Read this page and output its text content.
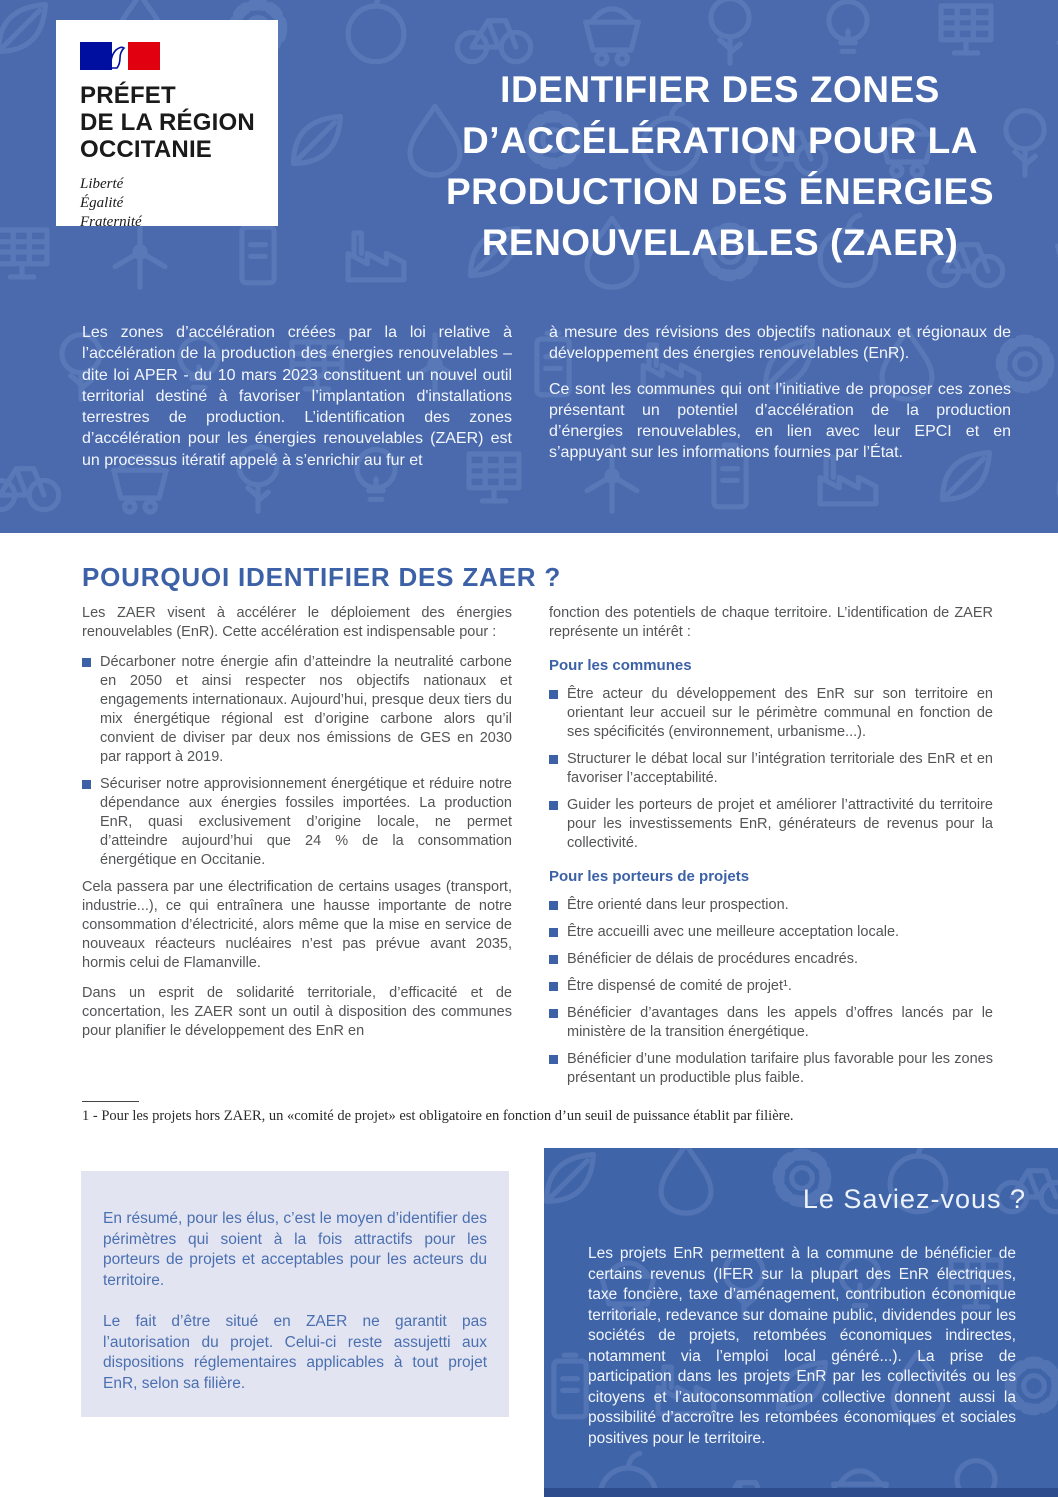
PRÉFET
DE LA RÉGION
OCCITANIE
Liberté
Égalité
Fraternité
IDENTIFIER DES ZONES
D’ACCÉLÉRATION POUR LA
PRODUCTION DES ÉNERGIES
RENOUVELABLES (ZAER)

Les zones d’accélération créées par la loi relative à l’accélération de la production des énergies renouvelables – dite loi APER - du 10 mars 2023 constituent un nouvel outil territorial destiné à favoriser l’implantation d'installations terrestres de production. L’identification des zones d’accélération pour les énergies renouvelables (ZAER) est un processus itératif appelé à s’enrichir au fur et

à mesure des révisions des objectifs nationaux et régionaux de développement des énergies renouvelables (EnR).

Ce sont les communes qui ont l’initiative de proposer ces zones présentant un potentiel d’accélération de la production d’énergies renouvelables, en lien avec leur EPCI et en s’appuyant sur les informations fournies par l’État.

POURQUOI IDENTIFIER DES ZAER ?

Les ZAER visent à accélérer le déploiement des énergies renouvelables (EnR). Cette accélération est indispensable pour :

Décarboner notre énergie afin d’atteindre la neutralité carbone en 2050 et ainsi respecter nos objectifs nationaux et engagements internationaux. Aujourd’hui, presque deux tiers du mix énergétique régional est d’origine carbone alors qu’il convient de diviser par deux nos émissions de GES en 2030 par rapport à 2019.
Sécuriser notre approvisionnement énergétique et réduire notre dépendance aux énergies fossiles importées. La production EnR, quasi exclusivement d’origine locale, ne permet d’atteindre aujourd’hui que 24 % de la consommation énergétique en Occitanie.

Cela passera par une électrification de certains usages (transport, industrie...), ce qui entraînera une hausse importante de notre consommation d’électricité, alors même que la mise en service de nouveaux réacteurs nucléaires n’est pas prévue avant 2035, hormis celui de Flamanville.

Dans un esprit de solidarité territoriale, d’efficacité et de concertation, les ZAER sont un outil à disposition des communes pour planifier le développement des EnR en

fonction des potentiels de chaque territoire. L’identification de ZAER représente un intérêt :

Pour les communes
Être acteur du développement des EnR sur son territoire en orientant leur accueil sur le périmètre communal en fonction de ses spécificités (environnement, urbanisme...).
Structurer le débat local sur l’intégration territoriale des EnR et en favoriser l’acceptabilité.
Guider les porteurs de projet et améliorer l’attractivité du territoire pour les investissements EnR, générateurs de revenus pour la collectivité.
Pour les porteurs de projets
Être orienté dans leur prospection.
Être accueilli avec une meilleure acceptation locale.
Bénéficier de délais de procédures encadrés.
Être dispensé de comité de projet¹.
Bénéficier d’avantages dans les appels d’offres lancés par le ministère de la transition énergétique.
Bénéficier d’une modulation tarifaire plus favorable pour les zones présentant un productible plus faible.
1 - Pour les projets hors ZAER, un «comité de projet» est obligatoire en fonction d’un seuil de puissance établit par filière.

En résumé, pour les élus, c’est le moyen d’identifier des périmètres qui soient à la fois attractifs pour les porteurs de projets et acceptables pour les acteurs du territoire.

Le fait d’être situé en ZAER ne garantit pas l’autorisation du projet. Celui-ci reste assujetti aux dispositions réglementaires applicables à tout projet EnR, selon sa filière.

Le Saviez-vous ?
Les projets EnR permettent à la commune de bénéficier de certains revenus (IFER sur la plupart des EnR électriques, taxe foncière, taxe d’aménagement, contribution économique territoriale, redevance sur domaine public, dividendes pour les sociétés de projets, retombées économiques indirectes, notamment via l’emploi local généré...). La prise de participation dans les projets EnR par les collectivités ou les citoyens et l’autoconsommation collective donnent aussi la possibilité d’accroître les retombées économiques et sociales positives pour le territoire.
